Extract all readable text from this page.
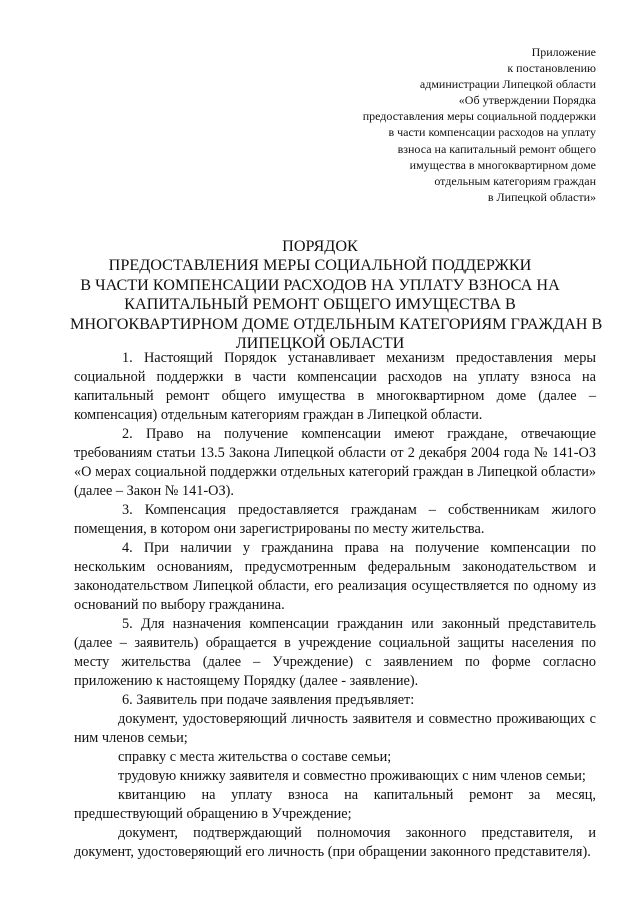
Приложение
к постановлению
администрации Липецкой области
«Об утверждении Порядка
предоставления меры социальной поддержки
в части компенсации расходов на уплату
взноса на капитальный ремонт общего
имущества в многоквартирном доме
отдельным категориям граждан
в Липецкой области»
ПОРЯДОК
ПРЕДОСТАВЛЕНИЯ МЕРЫ СОЦИАЛЬНОЙ ПОДДЕРЖКИ
В ЧАСТИ КОМПЕНСАЦИИ РАСХОДОВ НА УПЛАТУ ВЗНОСА НА
КАПИТАЛЬНЫЙ РЕМОНТ ОБЩЕГО ИМУЩЕСТВА В
МНОГОКВАРТИРНОМ ДОМЕ ОТДЕЛЬНЫМ КАТЕГОРИЯМ ГРАЖДАН В
ЛИПЕЦКОЙ ОБЛАСТИ

1. Настоящий Порядок устанавливает механизм предоставления меры социальной поддержки в части компенсации расходов на уплату взноса на капитальный ремонт общего имущества в многоквартирном доме (далее – компенсация) отдельным категориям граждан в Липецкой области.

2. Право на получение компенсации имеют граждане, отвечающие требованиям статьи 13.5 Закона Липецкой области от 2 декабря 2004 года № 141-ОЗ «О мерах социальной поддержки отдельных категорий граждан в Липецкой области» (далее – Закон № 141-ОЗ).

3. Компенсация предоставляется гражданам – собственникам жилого помещения, в котором они зарегистрированы по месту жительства.

4. При наличии у гражданина права на получение компенсации по нескольким основаниям, предусмотренным федеральным законодательством и законодательством Липецкой области, его реализация осуществляется по одному из оснований по выбору гражданина.

5. Для назначения компенсации гражданин или законный представитель (далее – заявитель) обращается в учреждение социальной защиты населения по месту жительства (далее – Учреждение) с заявлением по форме согласно приложению к настоящему Порядку (далее - заявление).

6. Заявитель при подаче заявления предъявляет:

документ, удостоверяющий личность заявителя и совместно проживающих с ним членов семьи;

справку с места жительства о составе семьи;

трудовую книжку заявителя и совместно проживающих с ним членов семьи;

квитанцию на уплату взноса на капитальный ремонт за месяц, предшествующий обращению в Учреждение;

документ, подтверждающий полномочия законного представителя, и документ, удостоверяющий его личность (при обращении законного представителя).
